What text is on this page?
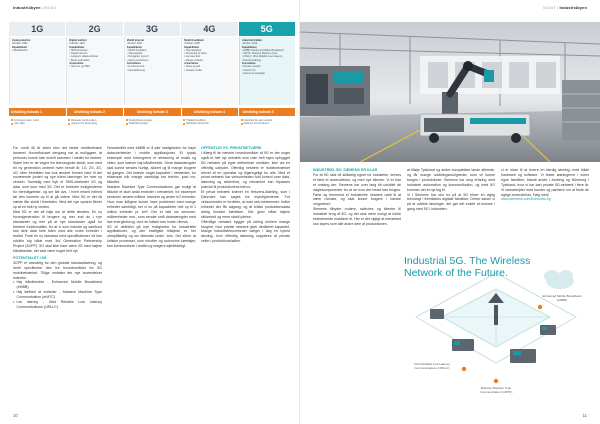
Industri4byen | 5G/IoT
1G
Analog telefoni
Udrullet: 1982
Kapabiliteter
• Mobiltelefoni
Forbrugere talte i mobil
uden data
2G
Digital telefoni
Udrullet: 1991
Kapabiliteter
• SMS-beskeder
• Digital stemme
• Langsom dataoverførsel
• Bedre lydkvalitet
Anvendelse
• Stemme og SMS
Beskeder sendt mellem
telefoner for første gang
3G
Mobilt internet
Udrullet: 2001
Kapabiliteter
• Mobilt bredbånd
• Videoopkald
• Navigation og kort
• Apps på telefonen
Anvendelse
• E-mail og web
• Fjernaflæsning
Smartphones og apps
Dataforbrug stiger
4G
Mobilt bredbånd
Udrullet: 2009
Kapabiliteter
• Høj hastighed
• Streaming af video
• Lav latenstid
• Mange enheder
Anvendelse
• Video og spil
• Sociale medier
Trådløst bredbånd
Mobilvideo dominerer
5G
Industriel trådløs
Udrullet: 2019
Kapabiliteter
• eMBB: Enhanced Mobile Broadband
• mMTC: Massive Machine Type
• URLLC: Ultra Reliable Low Latency
• Netværksslicing
Anvendelse
• Private netværk
• Industri 4.0
• Autonome køretøjer
Industrien får eget netværk
Maskiner kommunikerer
Udvikling Indsats 1	Udvikling Indsats 2	Udvikling Indsats 3	Udvikling Indsats 4	Udvikling Indsats 5

For rundt 40 år siden blev det første mobilnetværk lanceret. Hovedfokuset dengang var at muliggøre, at personer kunne tale mobilt sammen i stedet for fastnet. Siden hen er de vegne fra teknologiske skridt, som med en ny generation omtrent hvert tiende år, 1G, 2G, 3G, 4G. Men fremtiden har truk ændret formen bare til det nuværende jorden og nye klient løsninger for hver ny version. Samtidig med tryk er SMS-beskeder 2G og data, som kom med 3G. Det er forbedre mulighederne for beredtgørelse, og ser lidt dvs. i hvert enkelt helhed før den kommer op til at gå videre. Med 5G er det så næste lille skridt i fremtiden. Med det nye system åbner op at en helt ny verden.

Med 5G er det så høje om at dette ændres. En ny hovedgeneration til brugere og mer end du i nye standarder og mer på at nye standarder også for bredere funktionalitet, for at vi som industri og samfund kan dele data hele tiden med alle vores enheder i realtid. Fordi én ny standard med specifikationer nå kan udvikle sig både med 3rd Generation Partnership Project (3GPP). 5G skal ikke bare være 4G med højere båndbredde, det skal være noget helt nyt.

POTENTIALET I 5G

3GPP er ansvarlig for den globale standardisering, og hertil specificerer den tre hovedområder for 5G mobilnetværket. Tillige omfatter der nye anvendelser indenfor:

• Høj båndbredde - Enhanced Mobile Broadband (eMBB)
• Høj tæthed at enheder - Massive Machine Type Communication (mMTC)
• Lav latency - Ultra Reliable Low Latency Communications (URLLC)

Hovedmålet med eMBB er å øke hastigheden for høye dataoverførsler i mobile applikasjoner. Et typisk eksempel med forbrugerne er streaming af musik og video, som kræver høj båndbredde. Store datamængder skal kunne sendes hurtigt, sikkert og til mange brugere ad gangen. Det kræver noget kapacitet i netværket, for eksempel når mange samtidigt har telefon, ipad mv. tilsluttet.

Massive Machine Type Communications gør muligt at tilslutte et stort antal enheder i netværket, for eksempel sensorer, smarte målere, trackere og andre IoT-enheder. Hvor man tidligere kunne have problemer med mange enheder samtidigt, ser vi nu på kapaciteter helt op til 1 million enheder pr. km². Der er tale om sensorer, måleenheder mm., som sender små datamængder med lavt energiforbrug, hvor en batteri kan holde i årevis.

5G vil definitivt gå nye muligheder for industrielle applikationer, og den kraftigste tilføjelse er her ultrapålidelig og lav latenstid under 1ms. Det sikrer at kritiske processer, som robotter og autonome køretøjer, kan kommunikere i realtid og reagere øjeblikkeligt.

OFFENTLIG VS. PRIVATNETVÆRK

I tillæg til de nævnte hovedområder af 5G er der noget også et helt nyt netværk som man helt egen opbygget 5G netværk på egne definerede områder, ikke via en offentlig udbyder. Offentlig netværk er mobilnetværket drevet af en operatør og tilgængeligt for alle. Med et privat netværk har virksomheden fuld kontrol over data, dækning og sikkerhed, og netværket kan tilpasses præcist til produktionens behov.

Et privat netværk kræver en frekvens-tildeling, som i Danmark kan søges fra myndighederne. For virksomheder er fordelen, at man selv bestemmer, hvilke enheder der får adgang, og at kritisk produktionsdata aldrig forlader fabrikken. Det giver både højere sikkerhed og mere stabil ydelse.

Offentlige netværk bygger på deling mellem mange brugere, hvor private netværk giver dedikeret kapacitet. Mange industrivirksomheder vælger i dag en hybrid løsning, hvor offentlig dækning suppleres af private celler i produktionshallen.

10
5G/IoT | Industri4byen
INDUSTRIEL 5G: SIEMENS ER KLAR

For at 5G skal bli skikkelig egnet for industrien, kreves et fæst et anvendelses- og med nye klienter. Vi er klar et omfang der. Siemens har over lang tid udviklet de nøglekomponenter for at se hvor det bedst kan bruges. Først og fremmest er industrielle netværk nødt til at være robuste, og skal kunne fungere i barske omgivelser.

Siemens tilbyder routere, switches og klienter til industriel brug af 5G, og det skal være muligt at koble eksisterende maskiner til. Her er det vigtigt at netværket kan styres som alle andre dele af produktionen.

at tilføje Tyskland og andre europæiske lande allerede, og får mange udviklingsmuligheder, som vil kunne bruges i produktioner. Siemens har lang erfaring med industriel automation og kommunikation, og med 5G kommer det et nyt lag til.

Vi i Siemens har stor tro på at 5G bliver en vigtig teknologi i fremtidens digitale fabrikker. Derfor satser vi på at udvikle løsninger, der gør det enkelt at komme i gang med 5G i industrien.

vi er klare til at levere en færdig løsning, med både hardware og software. Vi tester løsningerne i vores egne fabrikker, blandt andet i Amberg og Nürnberg i Tyskland, hvor vi har kørt private 5G-netværk i flere år. Vi samarbejder med kunder og partnere om at finde de rigtige anvendelser. Følg med!

www.siemens.com/industrial-5g
Industrial 5G. The Wireless Network of the Future.
Enhanced Mobile Broadband (eMBB)
Ultra Reliable Low Latency Communications (URLLC)
Massive Machine Type Communication (mMTC)
11
